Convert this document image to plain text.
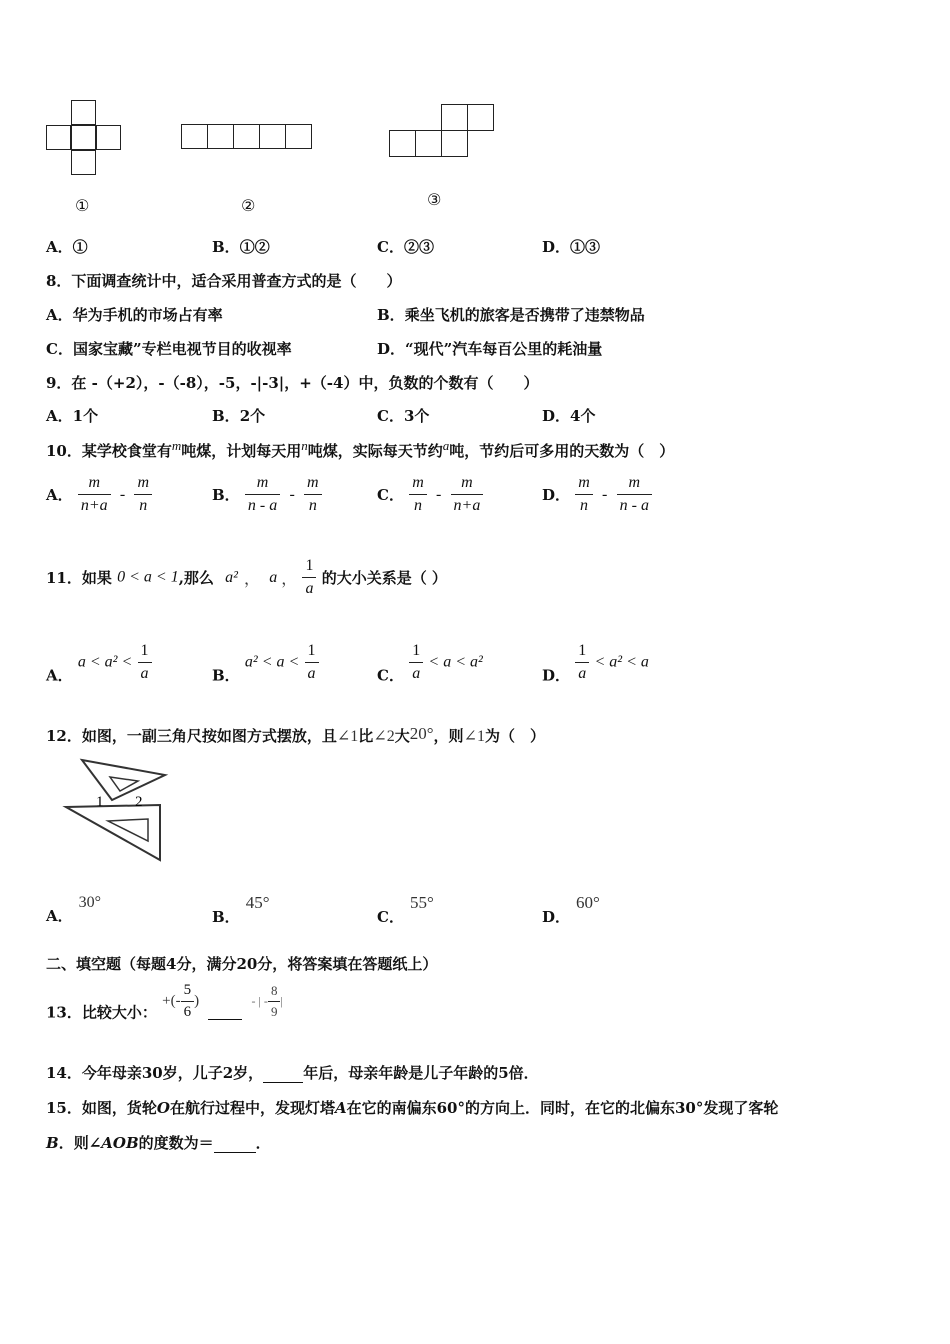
①	②	③
A．①	B．①②	C．②③	D．①③
8．下面调查统计中，适合采用普查方式的是（　　）
A．华为手机的市场占有率	B．乘坐飞机的旅客是否携带了违禁物品
C．国家宝藏”专栏电视节目的收视率	D．“现代”汽车每百公里的耗油量
9．在 -（+2），-（-8），-5，-|-3|，+（-4）中，负数的个数有（　　）
A．1个	B．2个	C．3个	D．4个
10．某学校食堂有$^m$吨煤，计划每天用$^n$吨煤，实际每天节约$^a$吨，节约后可多用的天数为（　）
A． $\frac{m}{n+a} - \frac{m}{n}$	B． $\frac{m}{n - a} - \frac{m}{n}$	C． $\frac{m}{n} - \frac{m}{n+a}$	D． $\frac{m}{n} - \frac{m}{n - a}$
11．如果 0 < a < 1,那么 a² ， a ， $\frac{1}{a}$ 的大小关系是（ ）
A． $a < a^2 < \frac{1}{a}$	B． $a^2 < a < \frac{1}{a}$	C． $\frac{1}{a} < a < a^2$
D． $\frac{1}{a} < a^2 < a$
12．如图，一副三角尺按如图方式摆放，且∠1比∠2大20°，则∠1为（　）
1 2
A．30°
B．45°
C．55°
D．60°
二、填空题（每题4分，满分20分，将答案填在答题纸上）
13．比较大小： +(- $\frac{5}{6}$ )	- | - $\frac{8}{9}$ |
14．今年母亲30岁，儿子2岁，	年后，母亲年龄是儿子年龄的5倍．
15．如图，货轮O在航行过程中，发现灯塔A在它的南偏东60°的方向上．同时，在它的北偏东30°发现了客轮
B．则∠AOB的度数为＝	．
